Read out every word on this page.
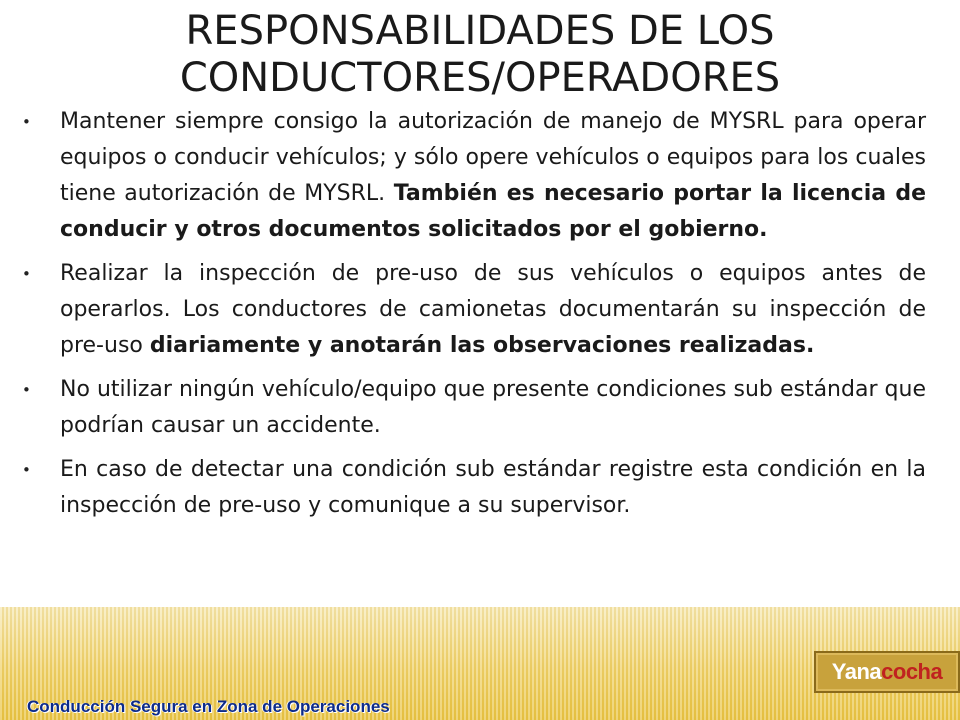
RESPONSABILIDADES DE LOS
CONDUCTORES/OPERADORES
• Mantener siempre consigo la autorización de manejo de MYSRL para operar equipos o conducir vehículos; y sólo opere vehículos o equipos para los cuales tiene autorización de MYSRL. También es necesario portar la licencia de conducir y otros documentos solicitados por el gobierno.
• Realizar la inspección de pre-uso de sus vehículos o equipos antes de operarlos. Los conductores de camionetas documentarán su inspección de pre-uso diariamente y anotarán las observaciones realizadas.
• No utilizar ningún vehículo/equipo que presente condiciones sub estándar que podrían causar un accidente.
• En caso de detectar una condición sub estándar registre esta condición en la inspección de pre-uso y comunique a su supervisor.
Yana cocha
Conducción Segura en Zona de Operaciones
